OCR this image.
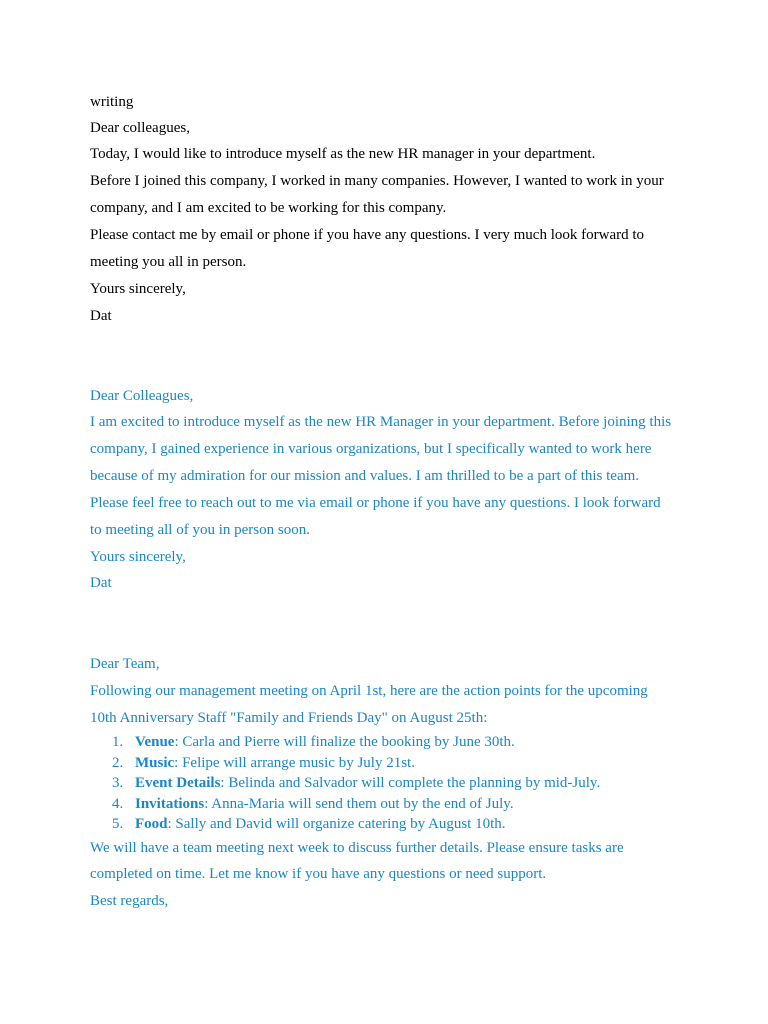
writing

Dear colleagues,

Today, I would like to introduce myself as the new HR manager in your department.

Before I joined this company, I worked in many companies. However, I wanted to work in your

company, and I am excited to be working for this company.

Please contact me by email or phone if you have any questions. I very much look forward to

meeting you all in person.

Yours sincerely,

Dat

Dear Colleagues,

I am excited to introduce myself as the new HR Manager in your department. Before joining this

company, I gained experience in various organizations, but I specifically wanted to work here

because of my admiration for our mission and values. I am thrilled to be a part of this team.

Please feel free to reach out to me via email or phone if you have any questions. I look forward

to meeting all of you in person soon.

Yours sincerely,

Dat

Dear Team,

Following our management meeting on April 1st, here are the action points for the upcoming

10th Anniversary Staff "Family and Friends Day" on August 25th:

1. Venue: Carla and Pierre will finalize the booking by June 30th.
2. Music: Felipe will arrange music by July 21st.
3. Event Details: Belinda and Salvador will complete the planning by mid-July.
4. Invitations: Anna-Maria will send them out by the end of July.
5. Food: Sally and David will organize catering by August 10th.

We will have a team meeting next week to discuss further details. Please ensure tasks are

completed on time. Let me know if you have any questions or need support.

Best regards,
